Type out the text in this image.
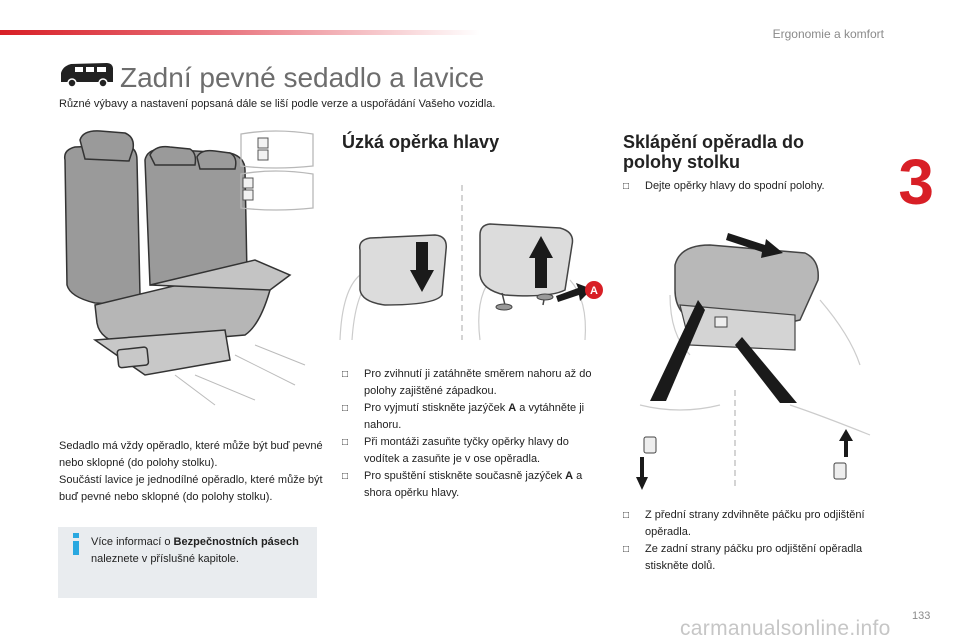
Ergonomie a komfort
3
Zadní pevné sedadlo a lavice
Různé výbavy a nastavení popsaná dále se liší podle verze a uspořádání Vašeho vozidla.
A
Úzká opěrka hlavy	Sklápění opěradla do
polohy stolku
□	Pro zvihnutí ji zatáhněte směrem nahoru až do polohy zajištěné západkou.
□	Pro vyjmutí stiskněte jazýček A a vytáhněte ji nahoru.
□	Při montáži zasuňte tyčky opěrky hlavy do vodítek a zasuňte je v ose opěradla.
□	Pro spuštění stiskněte současně jazýček A a shora opěrku hlavy.
□	Dejte opěrky hlavy do spodní polohy.
□	Z přední strany zdvihněte páčku pro odjištění opěradla.
□	Ze zadní strany páčku pro odjištění opěradla stiskněte dolů.
Sedadlo má vždy opěradlo, které může být buď pevné nebo sklopné (do polohy stolku).
Součástí lavice je jednodílné opěradlo, které může být buď pevné nebo sklopné (do polohy stolku).
Více informací o Bezpečnostních pásech naleznete v příslušné kapitole.
133
carmanualsonline.info
